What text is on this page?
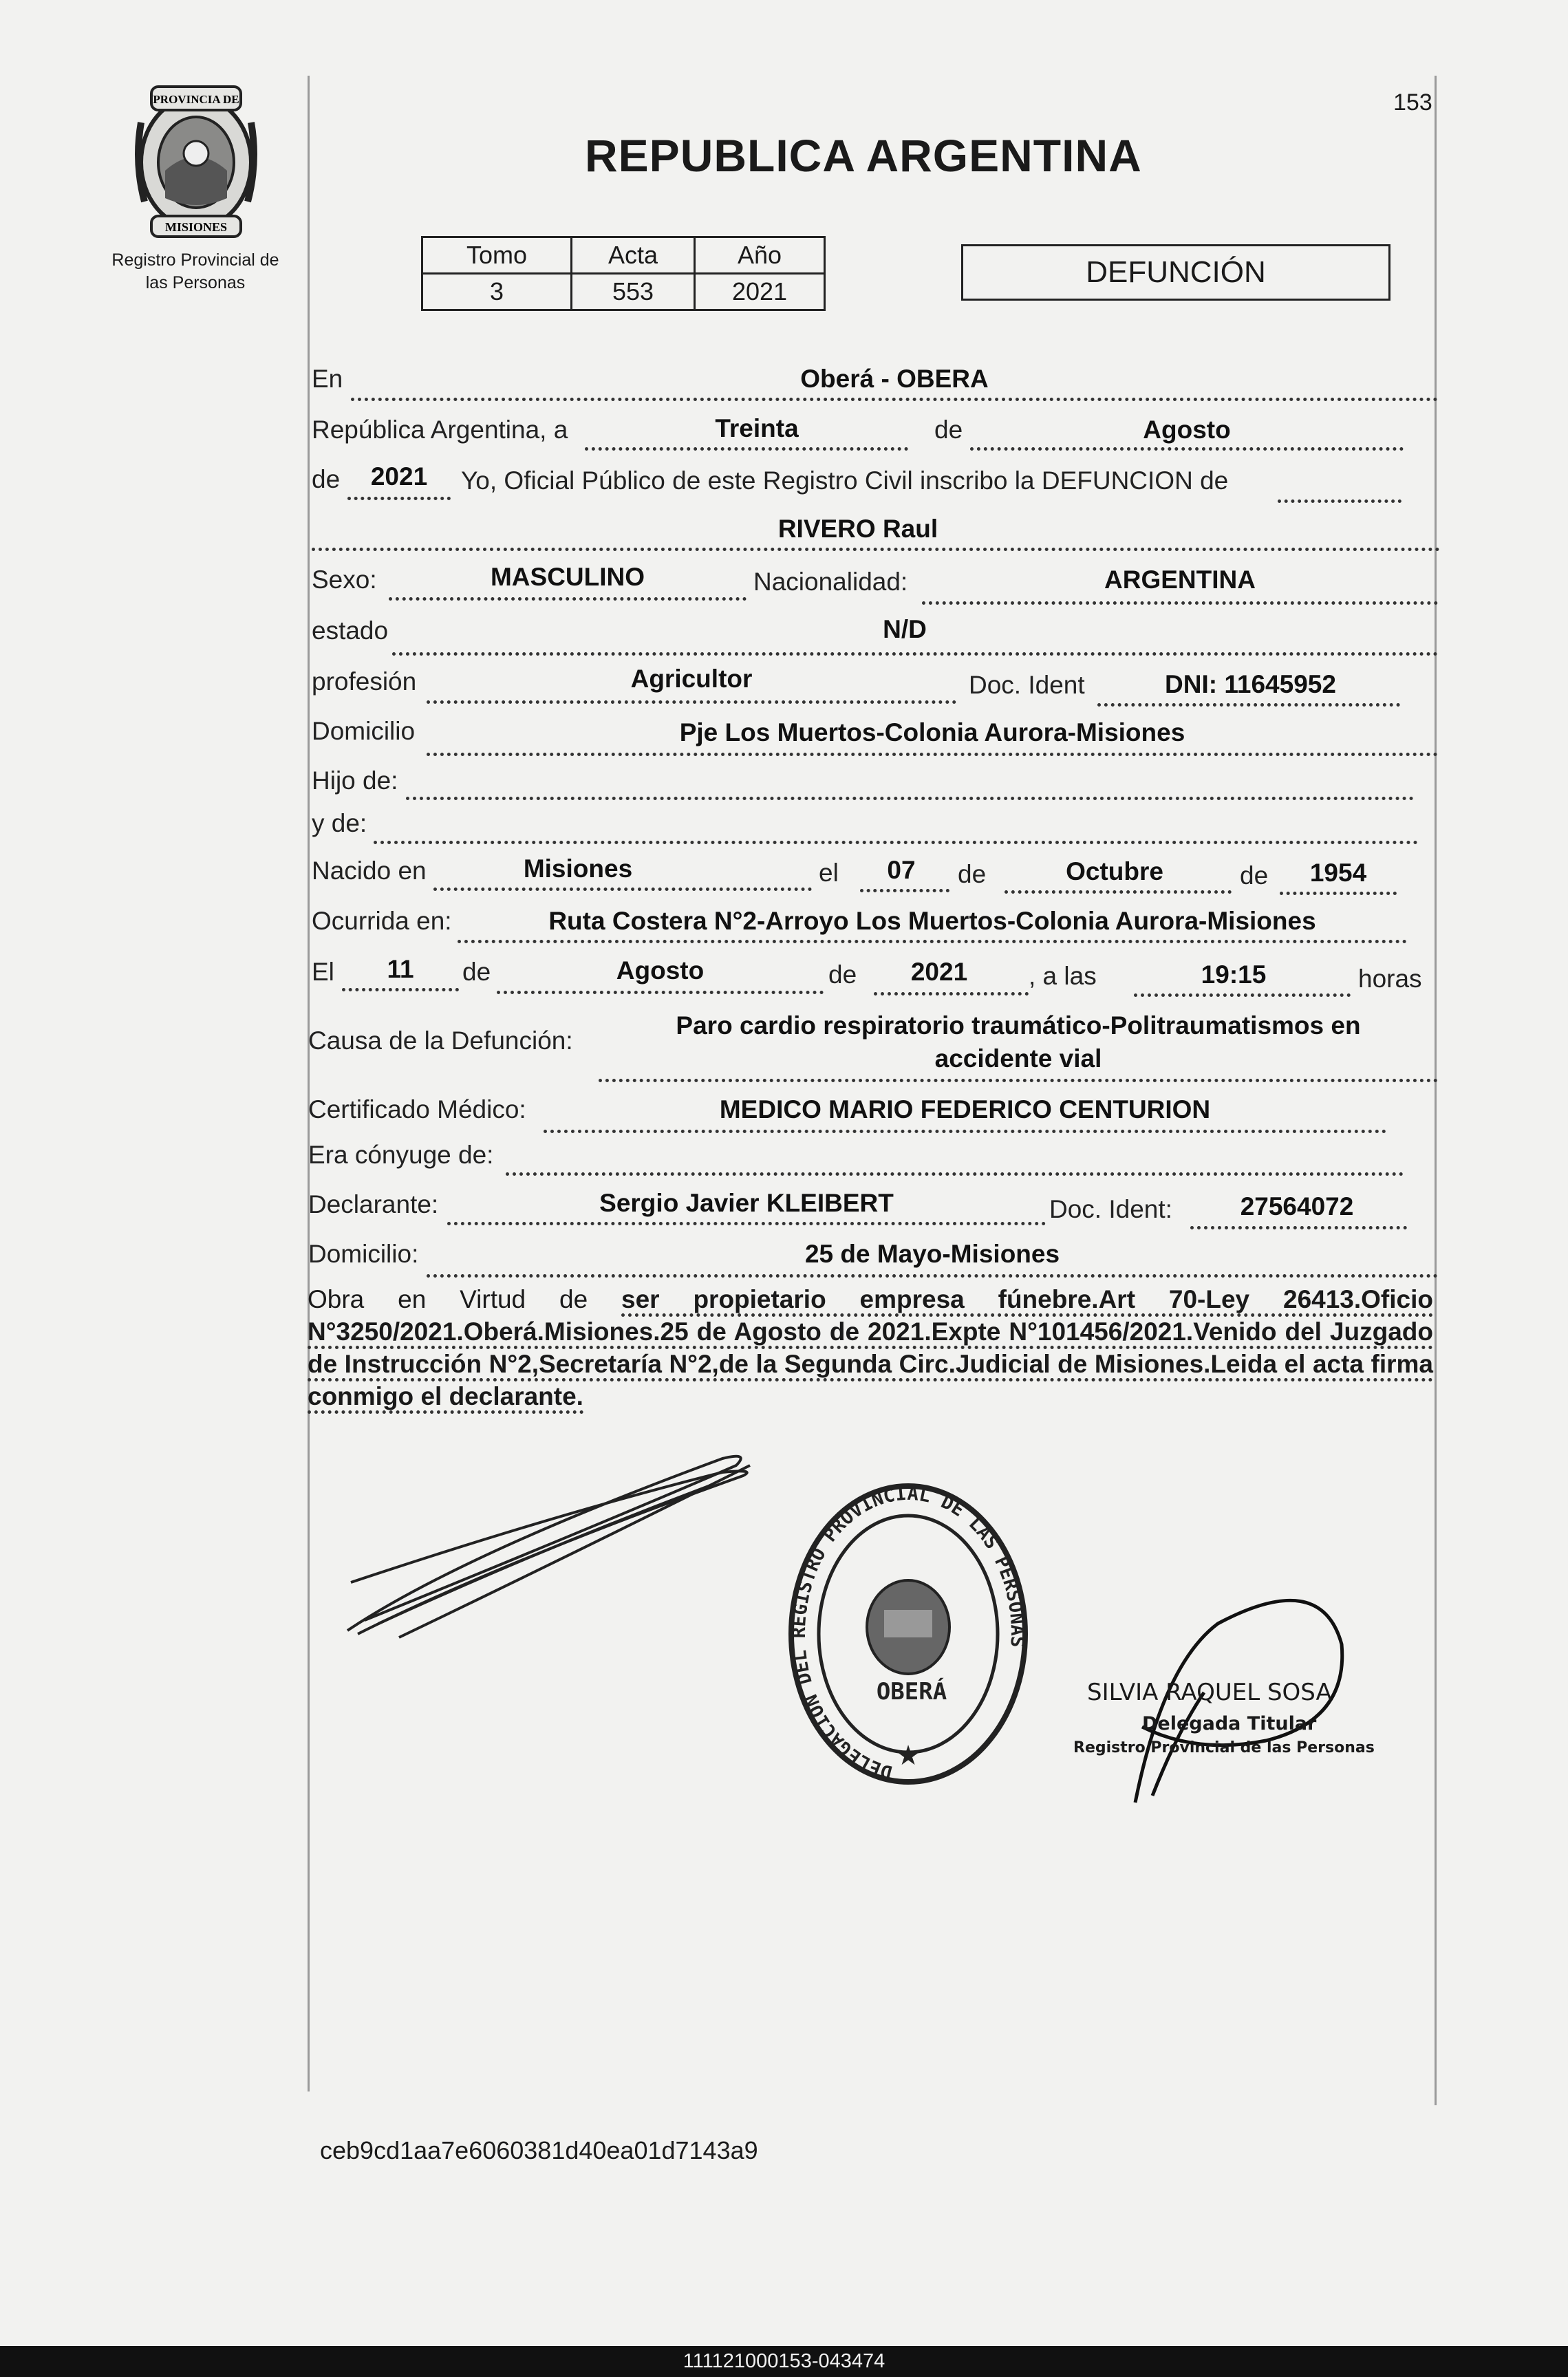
PROVINCIA DE
MISIONES
Registro Provincial de
las Personas
153
REPUBLICA ARGENTINA
Tomo	Acta	Año
3	553	2021
DEFUNCIÓN
En	Oberá - OBERA
República Argentina, a	Treinta	de	Agosto
de	2021	Yo, Oficial Público de este Registro Civil inscribo la DEFUNCION de
RIVERO Raul
Sexo:	MASCULINO	Nacionalidad:	ARGENTINA
estado	N/D
profesión	Agricultor	Doc. Ident	DNI: 11645952
Domicilio	Pje Los Muertos-Colonia Aurora-Misiones
Hijo de:
y de:
Nacido en	Misiones	el	07	de	Octubre	de	1954
Ocurrida en:	Ruta Costera N°2-Arroyo Los Muertos-Colonia Aurora-Misiones
El	11	de	Agosto	de	2021	, a las	19:15	horas
Causa de la Defunción:
Paro cardio respiratorio traumático-Politraumatismos en
accidente vial
Certificado Médico:	MEDICO MARIO FEDERICO CENTURION
Era cónyuge de:
Declarante:	Sergio Javier KLEIBERT	Doc. Ident:	27564072
Domicilio:	25 de Mayo-Misiones
Obra en Virtud de ser propietario empresa fúnebre.Art 70-Ley 26413.Oficio N°3250/2021.Oberá.Misiones.25 de Agosto de 2021.Expte N°101456/2021.Venido del Juzgado de Instrucción N°2,Secretaría N°2,de la Segunda Circ.Judicial de Misiones.Leida el acta firma conmigo el declarante.
DELEGACION DEL REGISTRO PROVINCIAL DE LAS PERSONAS
OBERÁ
★
SILVIA RAQUEL SOSA
Delegada Titular
Registro Provincial de las Personas
ceb9cd1aa7e6060381d40ea01d7143a9
111121000153-043474
